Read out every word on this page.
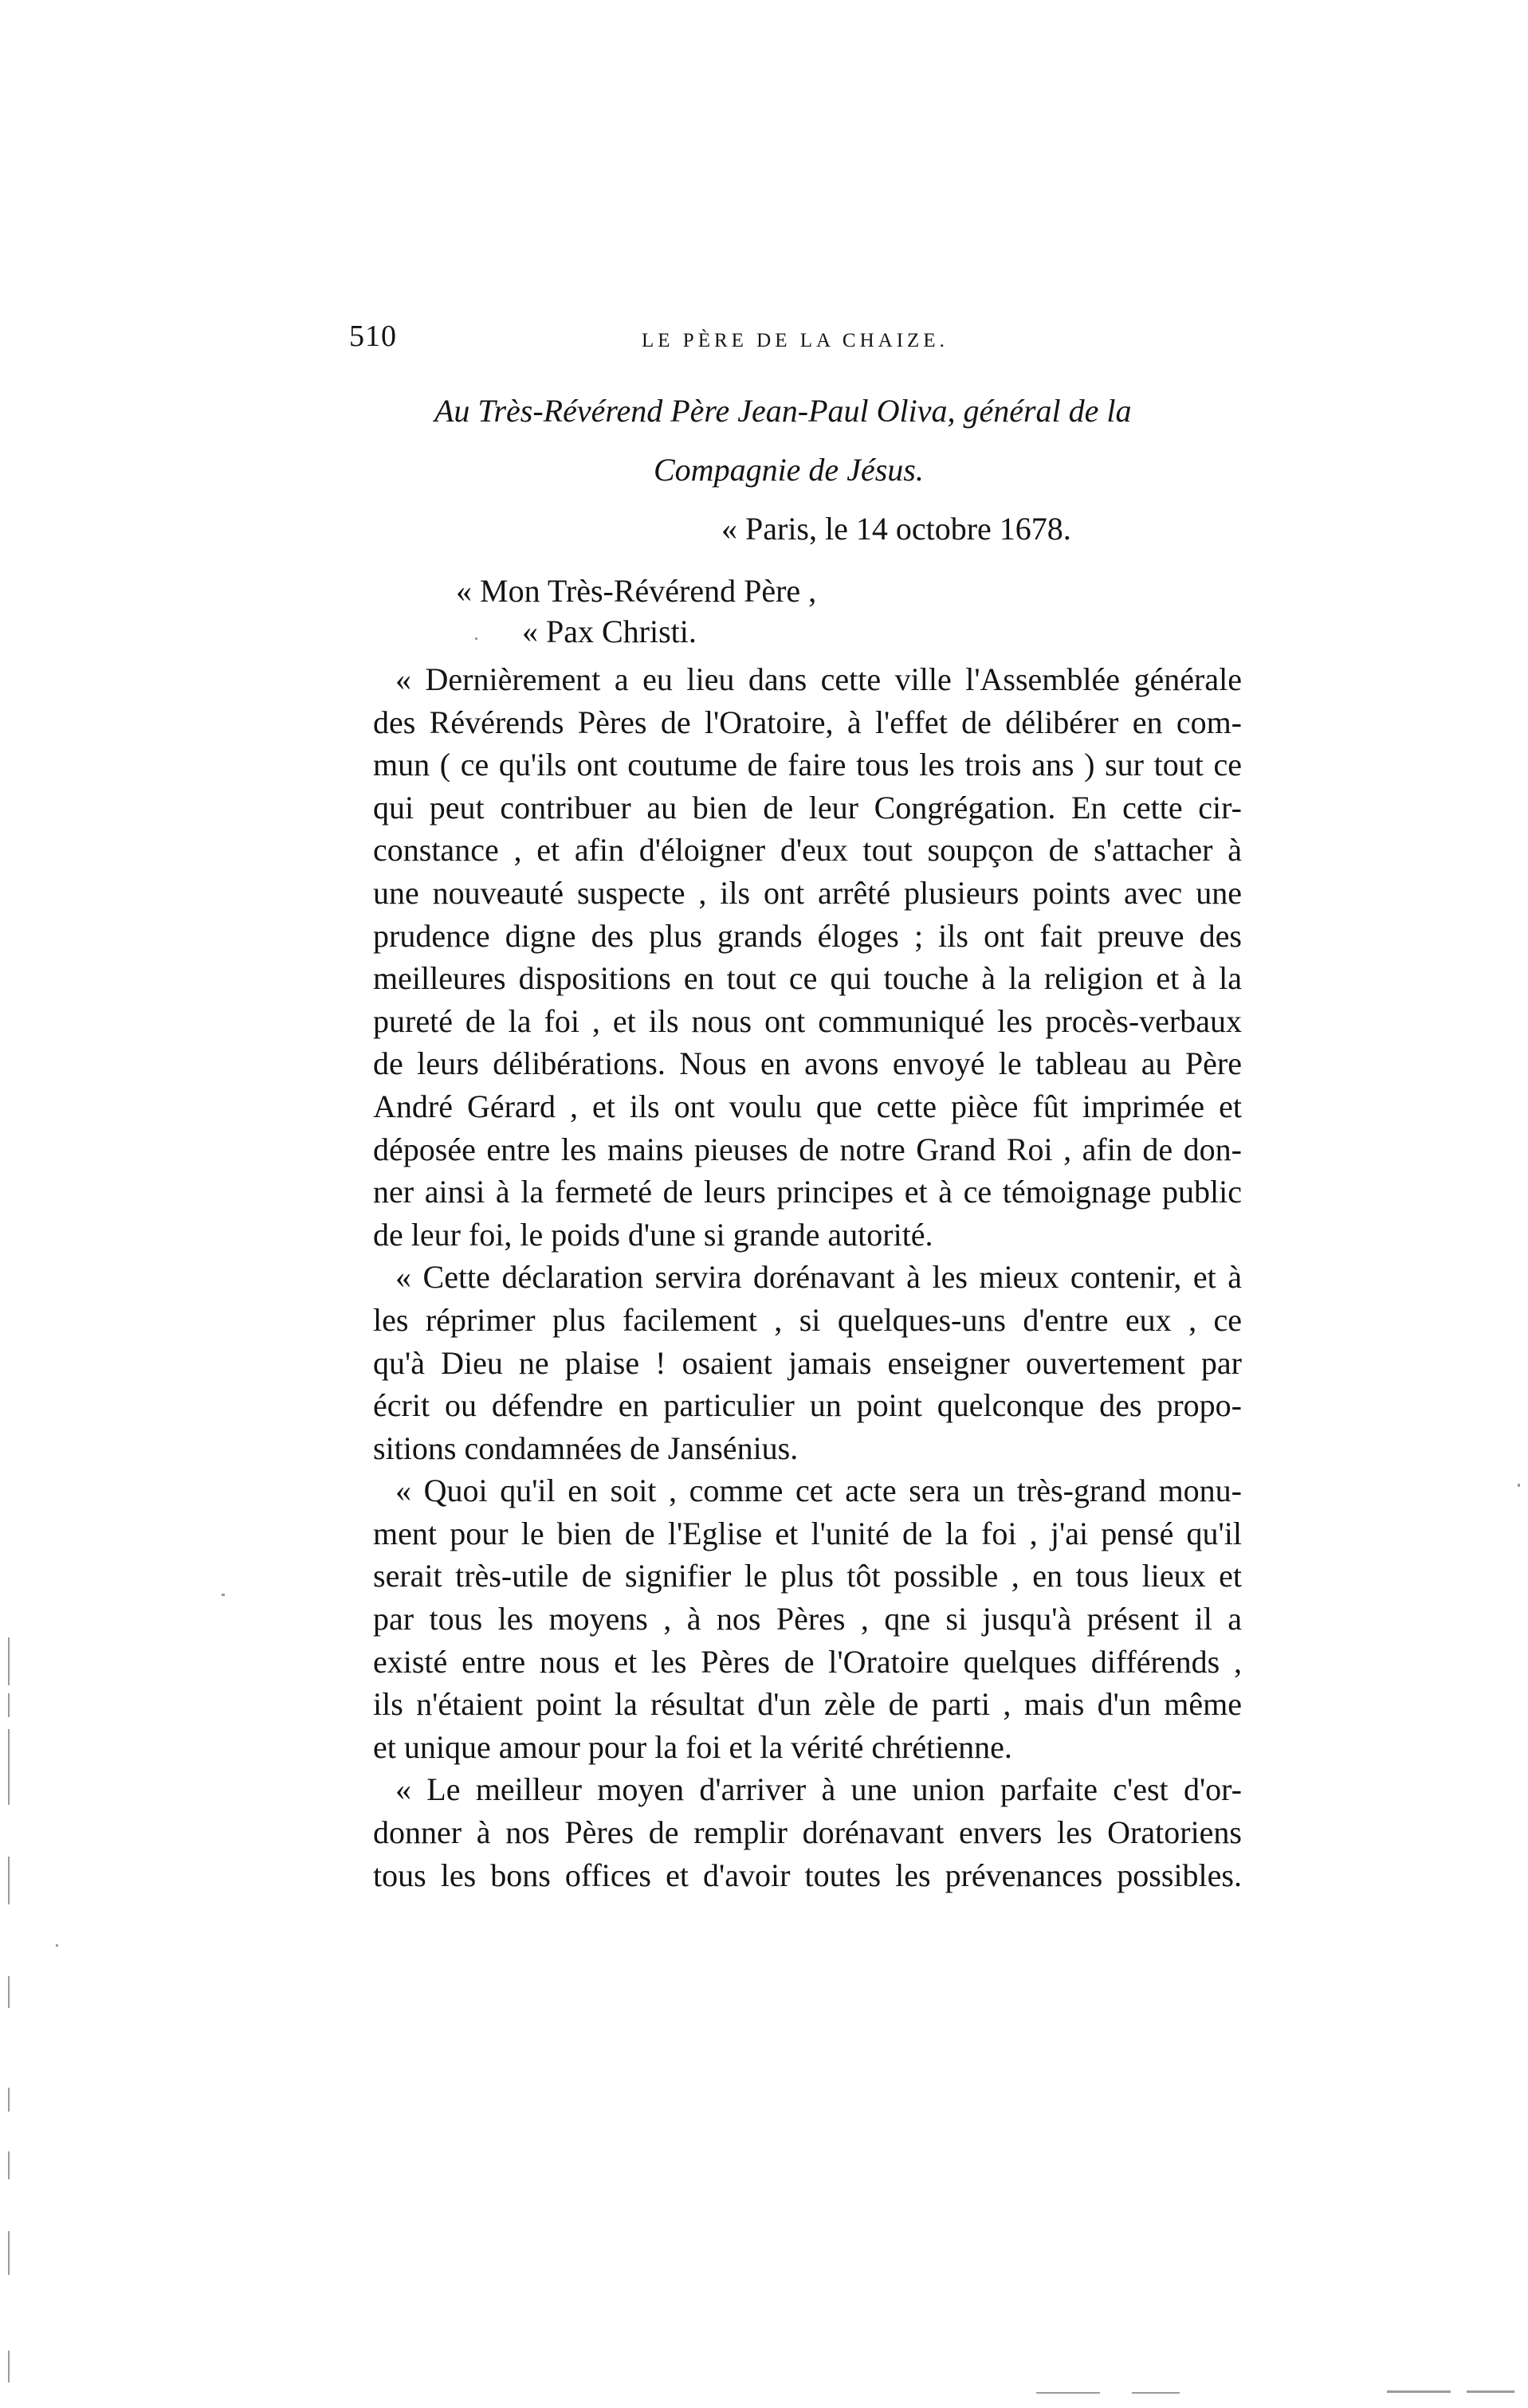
510	LE PÈRE DE LA CHAIZE.
Au Très-Révérend Père Jean-Paul Oliva, général de la
Compagnie de Jésus.
« Paris, le 14 octobre 1678.
« Mon Très-Révérend Père ,
« Pax Christi.
« Dernièrement a eu lieu dans cette ville l'Assemblée générale
des Révérends Pères de l'Oratoire, à l'effet de délibérer en com-
mun ( ce qu'ils ont coutume de faire tous les trois ans ) sur tout ce
qui peut contribuer au bien de leur Congrégation. En cette cir-
constance , et afin d'éloigner d'eux tout soupçon de s'attacher à
une nouveauté suspecte , ils ont arrêté plusieurs points avec une
prudence digne des plus grands éloges ; ils ont fait preuve des
meilleures dispositions en tout ce qui touche à la religion et à la
pureté de la foi , et ils nous ont communiqué les procès-verbaux
de leurs délibérations. Nous en avons envoyé le tableau au Père
André Gérard , et ils ont voulu que cette pièce fût imprimée et
déposée entre les mains pieuses de notre Grand Roi , afin de don-
ner ainsi à la fermeté de leurs principes et à ce témoignage public
de leur foi, le poids d'une si grande autorité.
« Cette déclaration servira dorénavant à les mieux contenir, et à
les réprimer plus facilement , si quelques-uns d'entre eux , ce
qu'à Dieu ne plaise ! osaient jamais enseigner ouvertement par
écrit ou défendre en particulier un point quelconque des propo-
sitions condamnées de Jansénius.
« Quoi qu'il en soit , comme cet acte sera un très-grand monu-
ment pour le bien de l'Eglise et l'unité de la foi , j'ai pensé qu'il
serait très-utile de signifier le plus tôt possible , en tous lieux et
par tous les moyens , à nos Pères , qne si jusqu'à présent il a
existé entre nous et les Pères de l'Oratoire quelques différends ,
ils n'étaient point la résultat d'un zèle de parti , mais d'un même
et unique amour pour la foi et la vérité chrétienne.
« Le meilleur moyen d'arriver à une union parfaite c'est d'or-
donner à nos Pères de remplir dorénavant envers les Oratoriens
tous les bons offices et d'avoir toutes les prévenances possibles.
